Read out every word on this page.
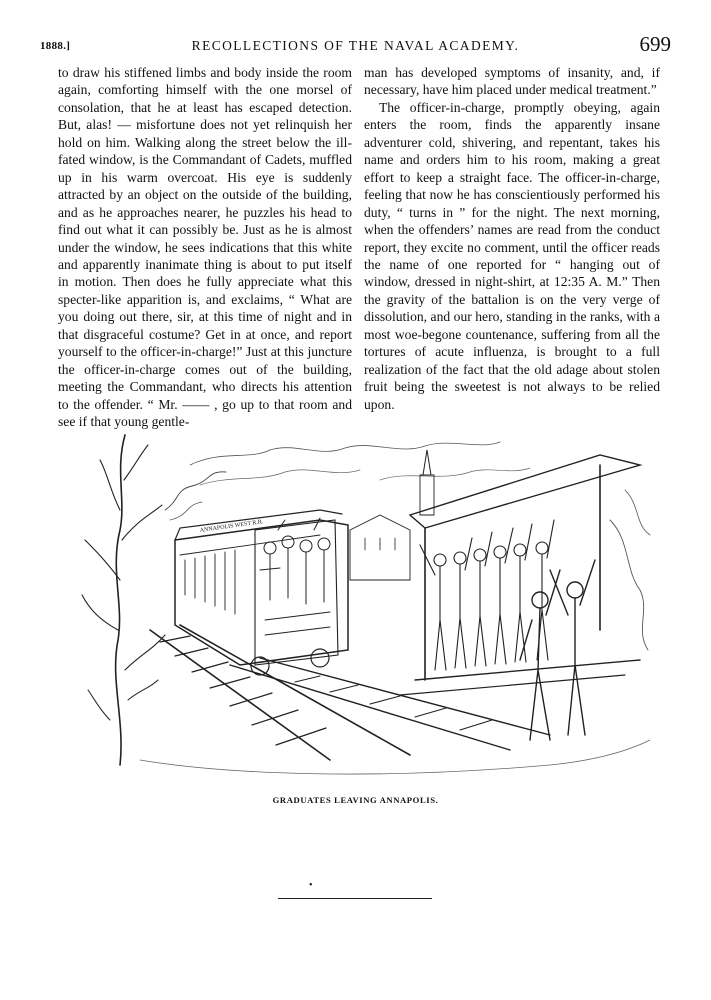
1888.]	RECOLLECTIONS OF THE NAVAL ACADEMY.	699

to draw his stiffened limbs and body inside the room again, comforting himself with the one morsel of consolation, that he at least has escaped detection. But, alas! — misfortune does not yet relinquish her hold on him. Walking along the street below the ill-fated window, is the Commandant of Cadets, muffled up in his warm overcoat. His eye is suddenly attracted by an object on the outside of the building, and as he approaches nearer, he puzzles his head to find out what it can possibly be. Just as he is almost under the window, he sees indications that this white and apparently inanimate thing is about to put itself in motion. Then does he fully appreciate what this specter-like apparition is, and exclaims, “ What are you doing out there, sir, at this time of night and in that disgraceful costume? Get in at once, and report yourself to the officer-in-charge!” Just at this juncture the officer-in-charge comes out of the building, meeting the Commandant, who directs his attention to the offender. “ Mr. —— , go up to that room and see if that young gentle-

man has developed symptoms of insanity, and, if necessary, have him placed under medical treatment.”

The officer-in-charge, promptly obeying, again enters the room, finds the apparently insane adventurer cold, shivering, and repentant, takes his name and orders him to his room, making a great effort to keep a straight face. The officer-in-charge, feeling that now he has conscientiously performed his duty, “ turns in ” for the night. The next morning, when the offenders’ names are read from the conduct report, they excite no comment, until the officer reads the name of one reported for “ hanging out of window, dressed in night-shirt, at 12:35 A. M.” Then the gravity of the battalion is on the very verge of dissolution, and our hero, standing in the ranks, with a most woe-begone countenance, suffering from all the tortures of acute influenza, is brought to a full realization of the fact that the old adage about stolen fruit being the sweetest is not always to be relied upon.

ANNAPOLIS WEST R.R.
GRADUATES LEAVING ANNAPOLIS.
•
